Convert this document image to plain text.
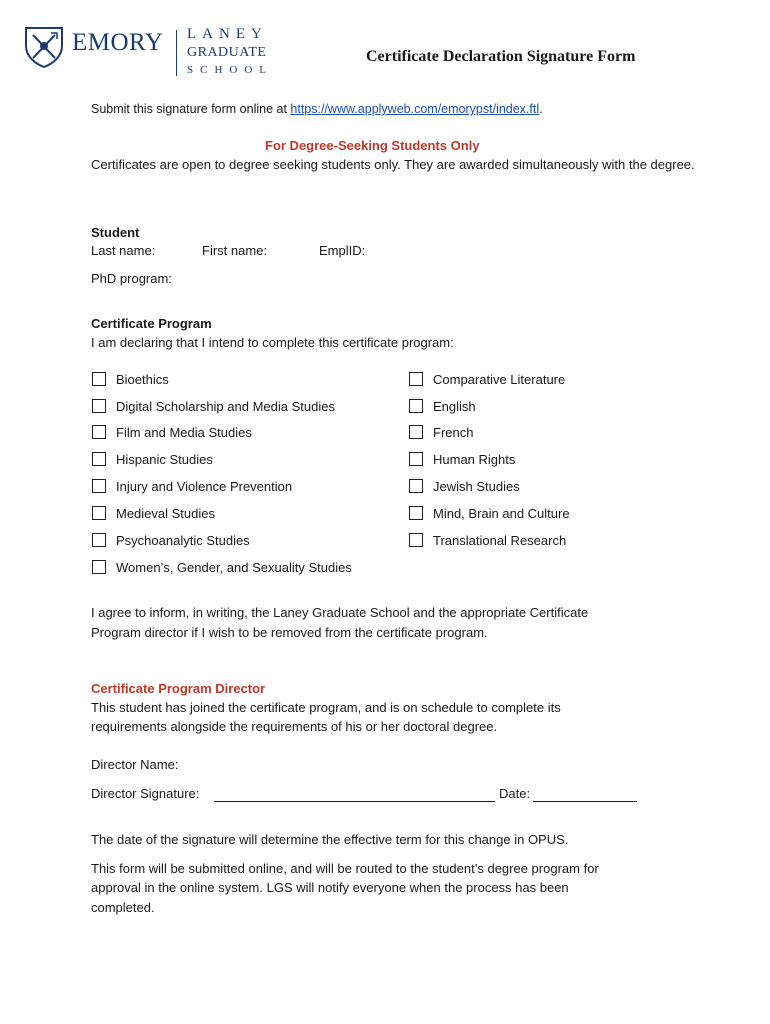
EMORY LANEY
GRADUATE
SCHOOL
Certificate Declaration Signature Form
Submit this signature form online at https://www.applyweb.com/emorypst/index.ftl.
For Degree-Seeking Students Only
Certificates are open to degree seeking students only. They are awarded simultaneously with the degree.
Student
Last name:	First name:	EmplID:
PhD program:
Certificate Program
I am declaring that I intend to complete this certificate program:
Bioethics
Digital Scholarship and Media Studies
Film and Media Studies
Hispanic Studies
Injury and Violence Prevention
Medieval Studies
Psychoanalytic Studies
Women’s, Gender, and Sexuality Studies
Comparative Literature
English
French
Human Rights
Jewish Studies
Mind, Brain and Culture
Translational Research
I agree to inform, in writing, the Laney Graduate School and the appropriate Certificate
Program director if I wish to be removed from the certificate program.
Certificate Program Director
This student has joined the certificate program, and is on schedule to complete its
requirements alongside the requirements of his or her doctoral degree.
Director Name:
Director Signature:	Date:
The date of the signature will determine the effective term for this change in OPUS.
This form will be submitted online, and will be routed to the student’s degree program for
approval in the online system. LGS will notify everyone when the process has been
completed.
